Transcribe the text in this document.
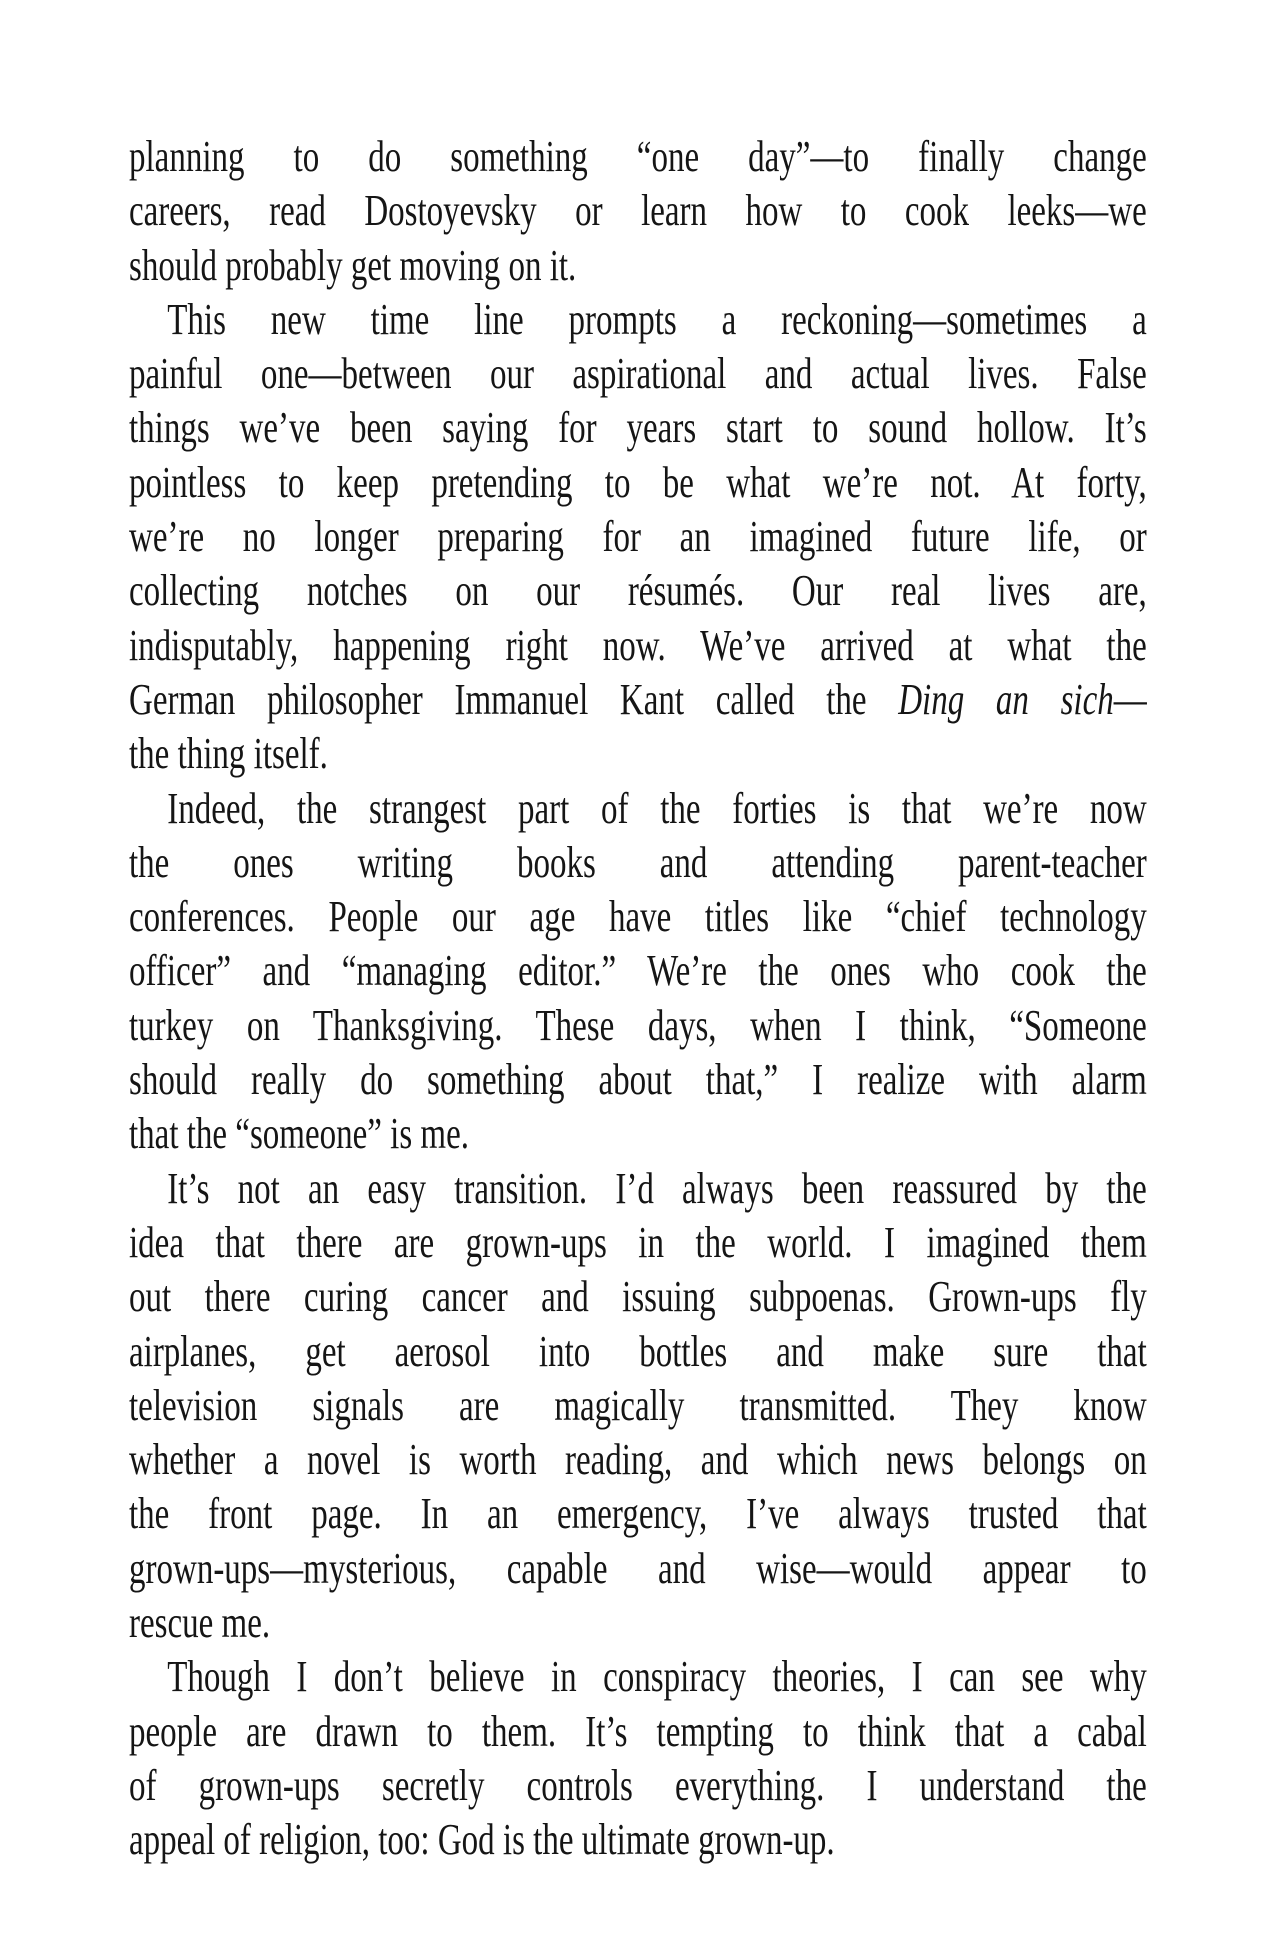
planning to do something “one day”—to finally change
careers, read Dostoyevsky or learn how to cook leeks—we
should probably get moving on it.
This new time line prompts a reckoning—sometimes a
painful one—between our aspirational and actual lives. False
things we’ve been saying for years start to sound hollow. It’s
pointless to keep pretending to be what we’re not. At forty,
we’re no longer preparing for an imagined future life, or
collecting notches on our résumés. Our real lives are,
indisputably, happening right now. We’ve arrived at what the
German philosopher Immanuel Kant called the Ding an sich—
the thing itself.
Indeed, the strangest part of the forties is that we’re now
the ones writing books and attending parent-teacher
conferences. People our age have titles like “chief technology
officer” and “managing editor.” We’re the ones who cook the
turkey on Thanksgiving. These days, when I think, “Someone
should really do something about that,” I realize with alarm
that the “someone” is me.
It’s not an easy transition. I’d always been reassured by the
idea that there are grown-ups in the world. I imagined them
out there curing cancer and issuing subpoenas. Grown-ups fly
airplanes, get aerosol into bottles and make sure that
television signals are magically transmitted. They know
whether a novel is worth reading, and which news belongs on
the front page. In an emergency, I’ve always trusted that
grown-ups—mysterious, capable and wise—would appear to
rescue me.
Though I don’t believe in conspiracy theories, I can see why
people are drawn to them. It’s tempting to think that a cabal
of grown-ups secretly controls everything. I understand the
appeal of religion, too: God is the ultimate grown-up.
